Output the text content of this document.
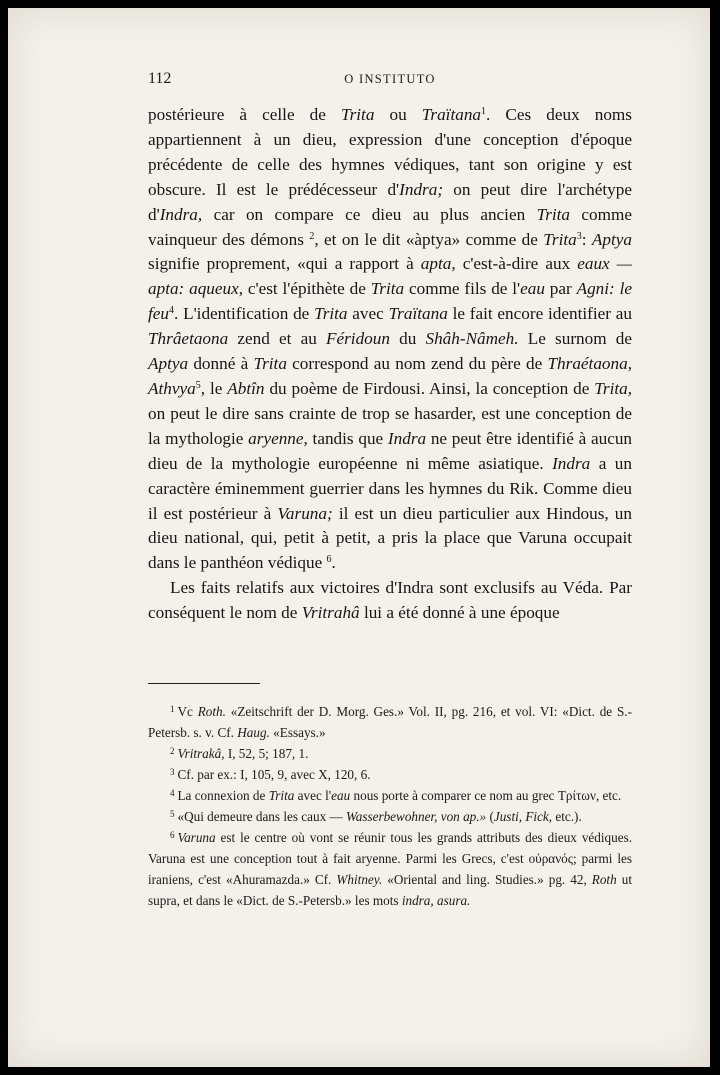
112	O INSTITUTO

postérieure à celle de Trita ou Traïtana$^1$. Ces deux noms appartiennent à un dieu, expression d'une conception d'époque précédente de celle des hymnes védiques, tant son origine y est obscure. Il est le prédécesseur d'Indra; on peut dire l'archétype d'Indra, car on compare ce dieu au plus ancien Trita comme vainqueur des démons $^2$, et on le dit «àptya» comme de Trita$^3$: Aptya signifie proprement, «qui a rapport à apta, c'est-à-dire aux eaux — apta: aqueux, c'est l'épithète de Trita comme fils de l'eau par Agni: le feu$^4$. L'identification de Trita avec Traïtana le fait encore identifier au Thrâetaona zend et au Féridoun du Shâh-Nâmeh. Le surnom de Aptya donné à Trita correspond au nom zend du père de Thraétaona, Athvya$^5$, le Abtîn du poème de Firdousi. Ainsi, la conception de Trita, on peut le dire sans crainte de trop se hasarder, est une conception de la mythologie aryenne, tandis que Indra ne peut être identifié à aucun dieu de la mythologie européenne ni même asiatique. Indra a un caractère éminemment guerrier dans les hymnes du Rik. Comme dieu il est postérieur à Varuna; il est un dieu particulier aux Hindous, un dieu national, qui, petit à petit, a pris la place que Varuna occupait dans le panthéon védique $^6$.

Les faits relatifs aux victoires d'Indra sont exclusifs au Véda. Par conséquent le nom de Vritrahâ lui a été donné à une époque

$^1$ Vc Roth. «Zeitschrift der D. Morg. Ges.» Vol. II, pg. 216, et vol. VI: «Dict. de S.-Petersb. s. v. Cf. Haug. «Essays.»

$^2$ Vritrakâ, I, 52, 5; 187, 1.

$^3$ Cf. par ex.: I, 105, 9, avec X, 120, 6.

$^4$ La connexion de Trita avec l'eau nous porte à comparer ce nom au grec Τρίτων, etc.

$^5$ «Qui demeure dans les caux — Wasserbewohner, von ap.» (Justi, Fick, etc.).

$^6$ Varuna est le centre où vont se réunir tous les grands attributs des dieux védiques. Varuna est une conception tout à fait aryenne. Parmi les Grecs, c'est οὐρανός; parmi les iraniens, c'est «Ahuramazda.» Cf. Whitney. «Oriental and ling. Studies.» pg. 42, Roth ut supra, et dans le «Dict. de S.-Petersb.» les mots indra, asura.
